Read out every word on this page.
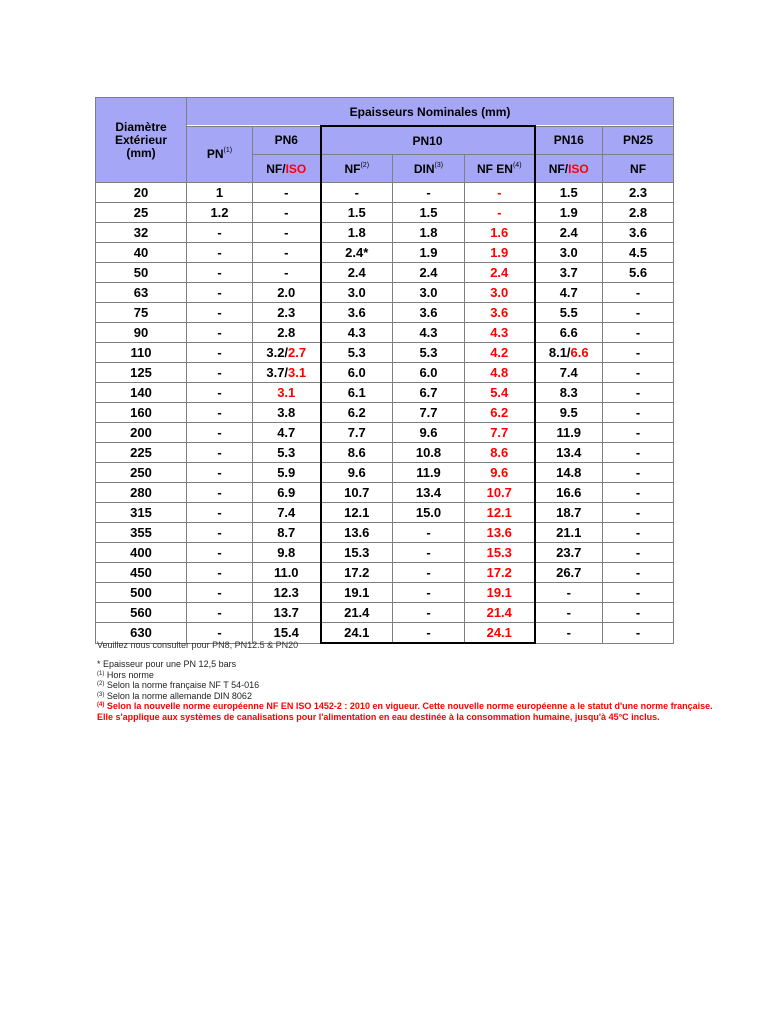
Diamètre
Extérieur
(mm)	Epaisseurs Nominales (mm)						
	PN$^{(1)}$	PN6	PN10			PN16	PN25
		NF/ISO	NF$^{(2)}$	DIN$^{(3)}$	NF EN$^{(4)}$	NF/ISO	NF
20	1	-	-	-	-	1.5	2.3
25	1.2	-	1.5	1.5	-	1.9	2.8
32	-	-	1.8	1.8	1.6	2.4	3.6
40	-	-	2.4*	1.9	1.9	3.0	4.5
50	-	-	2.4	2.4	2.4	3.7	5.6
63	-	2.0	3.0	3.0	3.0	4.7	-
75	-	2.3	3.6	3.6	3.6	5.5	-
90	-	2.8	4.3	4.3	4.3	6.6	-
110	-	3.2/2.7	5.3	5.3	4.2	8.1/6.6	-
125	-	3.7/3.1	6.0	6.0	4.8	7.4	-
140	-	3.1	6.1	6.7	5.4	8.3	-
160	-	3.8	6.2	7.7	6.2	9.5	-
200	-	4.7	7.7	9.6	7.7	11.9	-
225	-	5.3	8.6	10.8	8.6	13.4	-
250	-	5.9	9.6	11.9	9.6	14.8	-
280	-	6.9	10.7	13.4	10.7	16.6	-
315	-	7.4	12.1	15.0	12.1	18.7	-
355	-	8.7	13.6	-	13.6	21.1	-
400	-	9.8	15.3	-	15.3	23.7	-
450	-	11.0	17.2	-	17.2	26.7	-
500	-	12.3	19.1	-	19.1	-	-
560	-	13.7	21.4	-	21.4	-	-
630	-	15.4	24.1	-	24.1	-	-
Veuillez nous consulter pour PN8, PN12.5 & PN20
* Epaisseur pour une PN 12,5 bars
$^{(1)}$ Hors norme
$^{(2)}$ Selon la norme française NF T 54-016
$^{(3)}$ Selon la norme allemande DIN 8062
$^{(4)}$ Selon la nouvelle norme européenne NF EN ISO 1452-2 : 2010 en vigueur. Cette nouvelle norme européenne a le statut d'une norme française. Elle s'applique aux systèmes de canalisations pour l'alimentation en eau destinée à la consommation humaine, jusqu'à 45°C inclus.
